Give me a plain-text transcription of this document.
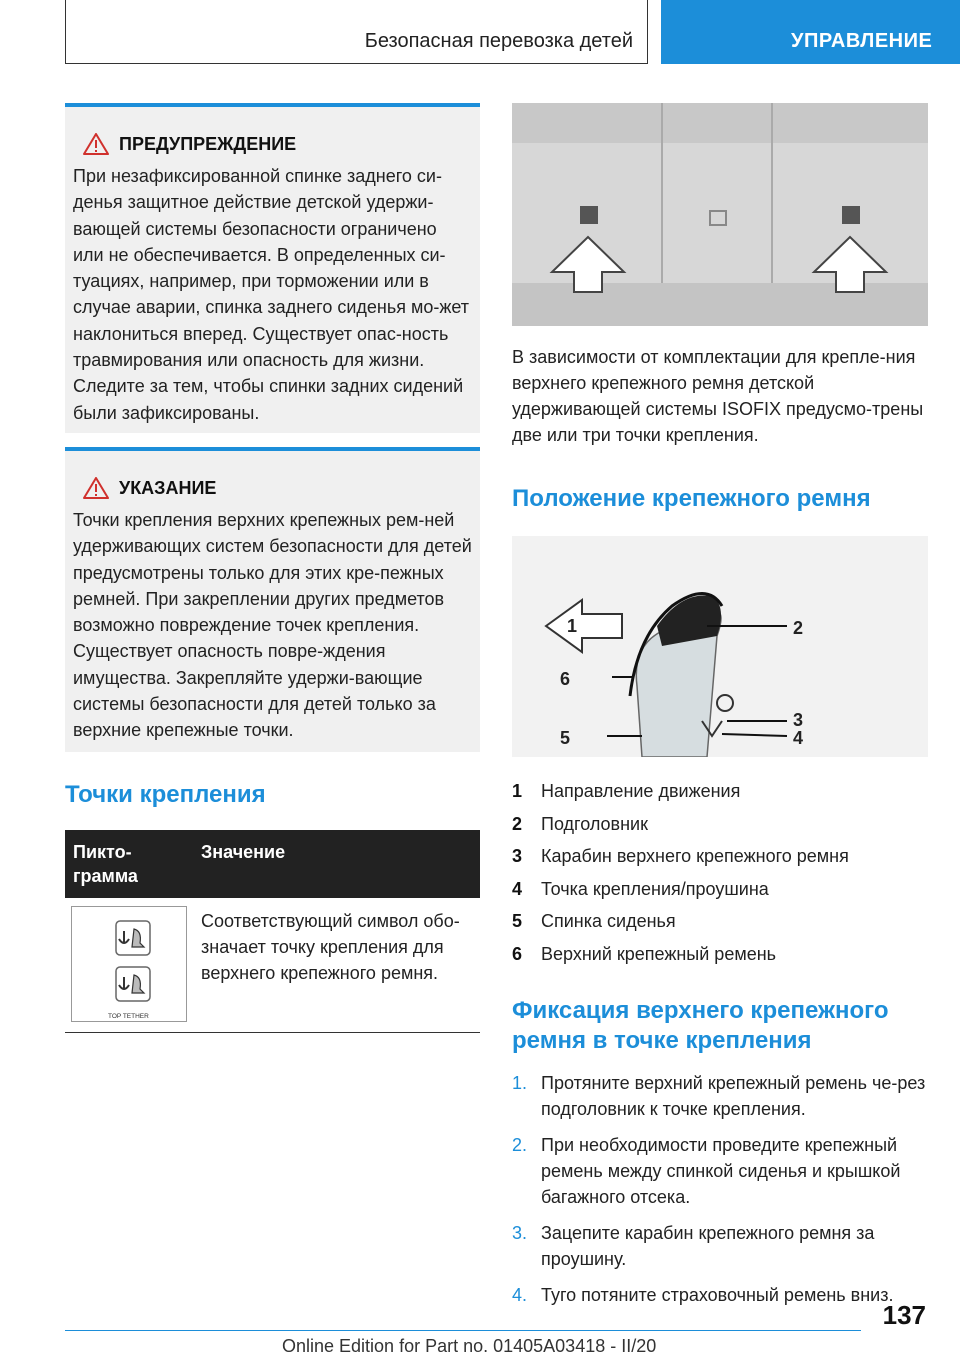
Безопасная перевозка детей	УПРАВЛЕНИЕ
ПРЕДУПРЕЖДЕНИЕ

При незафиксированной спинке заднего си-денья защитное действие детской удержи-вающей системы безопасности ограничено или не обеспечивается. В определенных си-туациях, например, при торможении или в случае аварии, спинка заднего сиденья мо-жет наклониться вперед. Существует опас-ность травмирования или опасность для жизни. Следите за тем, чтобы спинки задних сидений были зафиксированы.

УКАЗАНИЕ

Точки крепления верхних крепежных рем-ней удерживающих систем безопасности для детей предусмотрены только для этих кре-пежных ремней. При закреплении других предметов возможно повреждение точек крепления. Существует опасность повре-ждения имущества. Закрепляйте удержи-вающие системы безопасности для детей только за верхние крепежные точки.

Точки крепления
Пикто-грамма	Значение

TOP TETHER	Соответствующий символ обо-значает точку крепления для верхнего крепежного ремня.

В зависимости от комплектации для крепле-ния верхнего крепежного ремня детской удерживающей системы ISOFIX предусмо-трены две или три точки крепления.

Положение крепежного ремня
1	2
3
4
5
6
1	Направление движения
2	Подголовник
3	Карабин верхнего крепежного ремня
4	Точка крепления/проушина
5	Спинка сиденья
6	Верхний крепежный ремень
Фиксация верхнего крепежного ремня в точке крепления
1. Протяните верхний крепежный ремень че-рез подголовник к точке крепления.
2. При необходимости проведите крепежный ремень между спинкой сиденья и крышкой багажного отсека.
3. Зацепите карабин крепежного ремня за проушину.
4. Туго потяните страховочный ремень вниз.
137
Online Edition for Part no. 01405A03418 - II/20
